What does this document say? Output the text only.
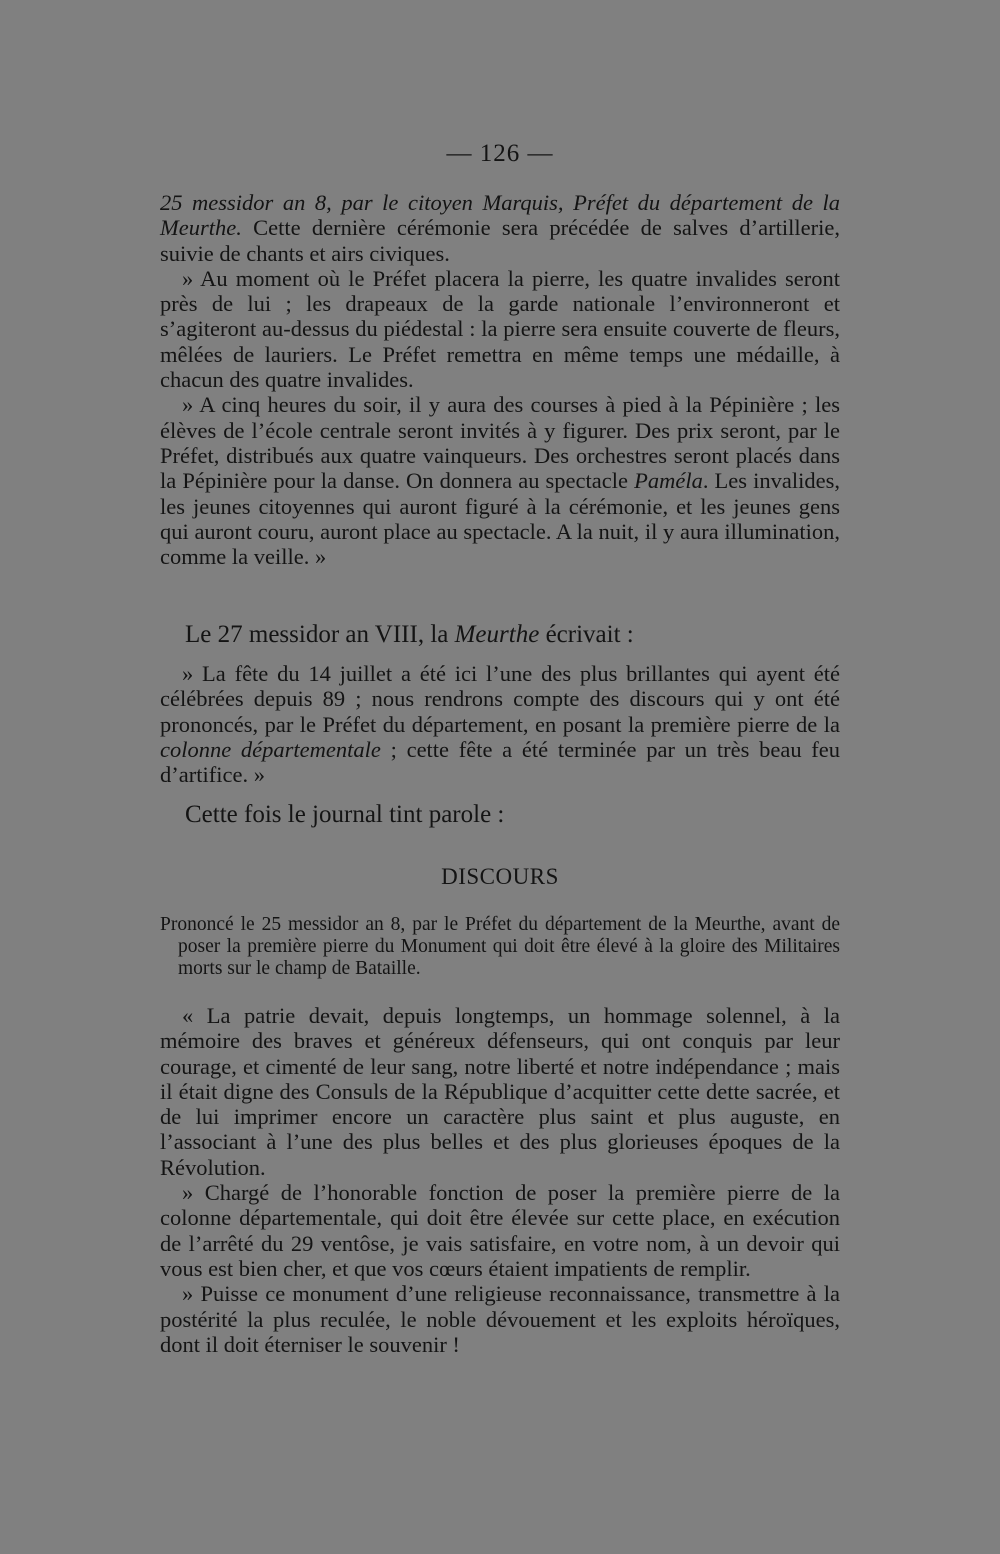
— 126 —

25 messidor an 8, par le citoyen Marquis, Préfet du département de la Meurthe. Cette dernière cérémonie sera précédée de salves d’artillerie, suivie de chants et airs civiques.

» Au moment où le Préfet placera la pierre, les quatre invalides seront près de lui ; les drapeaux de la garde nationale l’environneront et s’agiteront au-dessus du piédestal : la pierre sera ensuite couverte de fleurs, mêlées de lauriers. Le Préfet remettra en même temps une médaille, à chacun des quatre invalides.

» A cinq heures du soir, il y aura des courses à pied à la Pépinière ; les élèves de l’école centrale seront invités à y figurer. Des prix seront, par le Préfet, distribués aux quatre vainqueurs. Des orchestres seront placés dans la Pépinière pour la danse. On donnera au spectacle Paméla. Les invalides, les jeunes citoyennes qui auront figuré à la cérémonie, et les jeunes gens qui auront couru, auront place au spectacle. A la nuit, il y aura illumination, comme la veille. »

Le 27 messidor an VIII, la Meurthe écrivait :

» La fête du 14 juillet a été ici l’une des plus brillantes qui ayent été célébrées depuis 89 ; nous rendrons compte des discours qui y ont été prononcés, par le Préfet du département, en posant la première pierre de la colonne départementale ; cette fête a été terminée par un très beau feu d’artifice. »

Cette fois le journal tint parole :
DISCOURS

Prononcé le 25 messidor an 8, par le Préfet du département de la Meurthe, avant de poser la première pierre du Monument qui doit être élevé à la gloire des Militaires morts sur le champ de Bataille.

« La patrie devait, depuis longtemps, un hommage solennel, à la mémoire des braves et généreux défenseurs, qui ont conquis par leur courage, et cimenté de leur sang, notre liberté et notre indépendance ; mais il était digne des Consuls de la République d’acquitter cette dette sacrée, et de lui imprimer encore un caractère plus saint et plus auguste, en l’associant à l’une des plus belles et des plus glorieuses époques de la Révolution.

» Chargé de l’honorable fonction de poser la première pierre de la colonne départementale, qui doit être élevée sur cette place, en exécution de l’arrêté du 29 ventôse, je vais satisfaire, en votre nom, à un devoir qui vous est bien cher, et que vos cœurs étaient impatients de remplir.

» Puisse ce monument d’une religieuse reconnaissance, transmettre à la postérité la plus reculée, le noble dévouement et les exploits héroïques, dont il doit éterniser le souvenir !
